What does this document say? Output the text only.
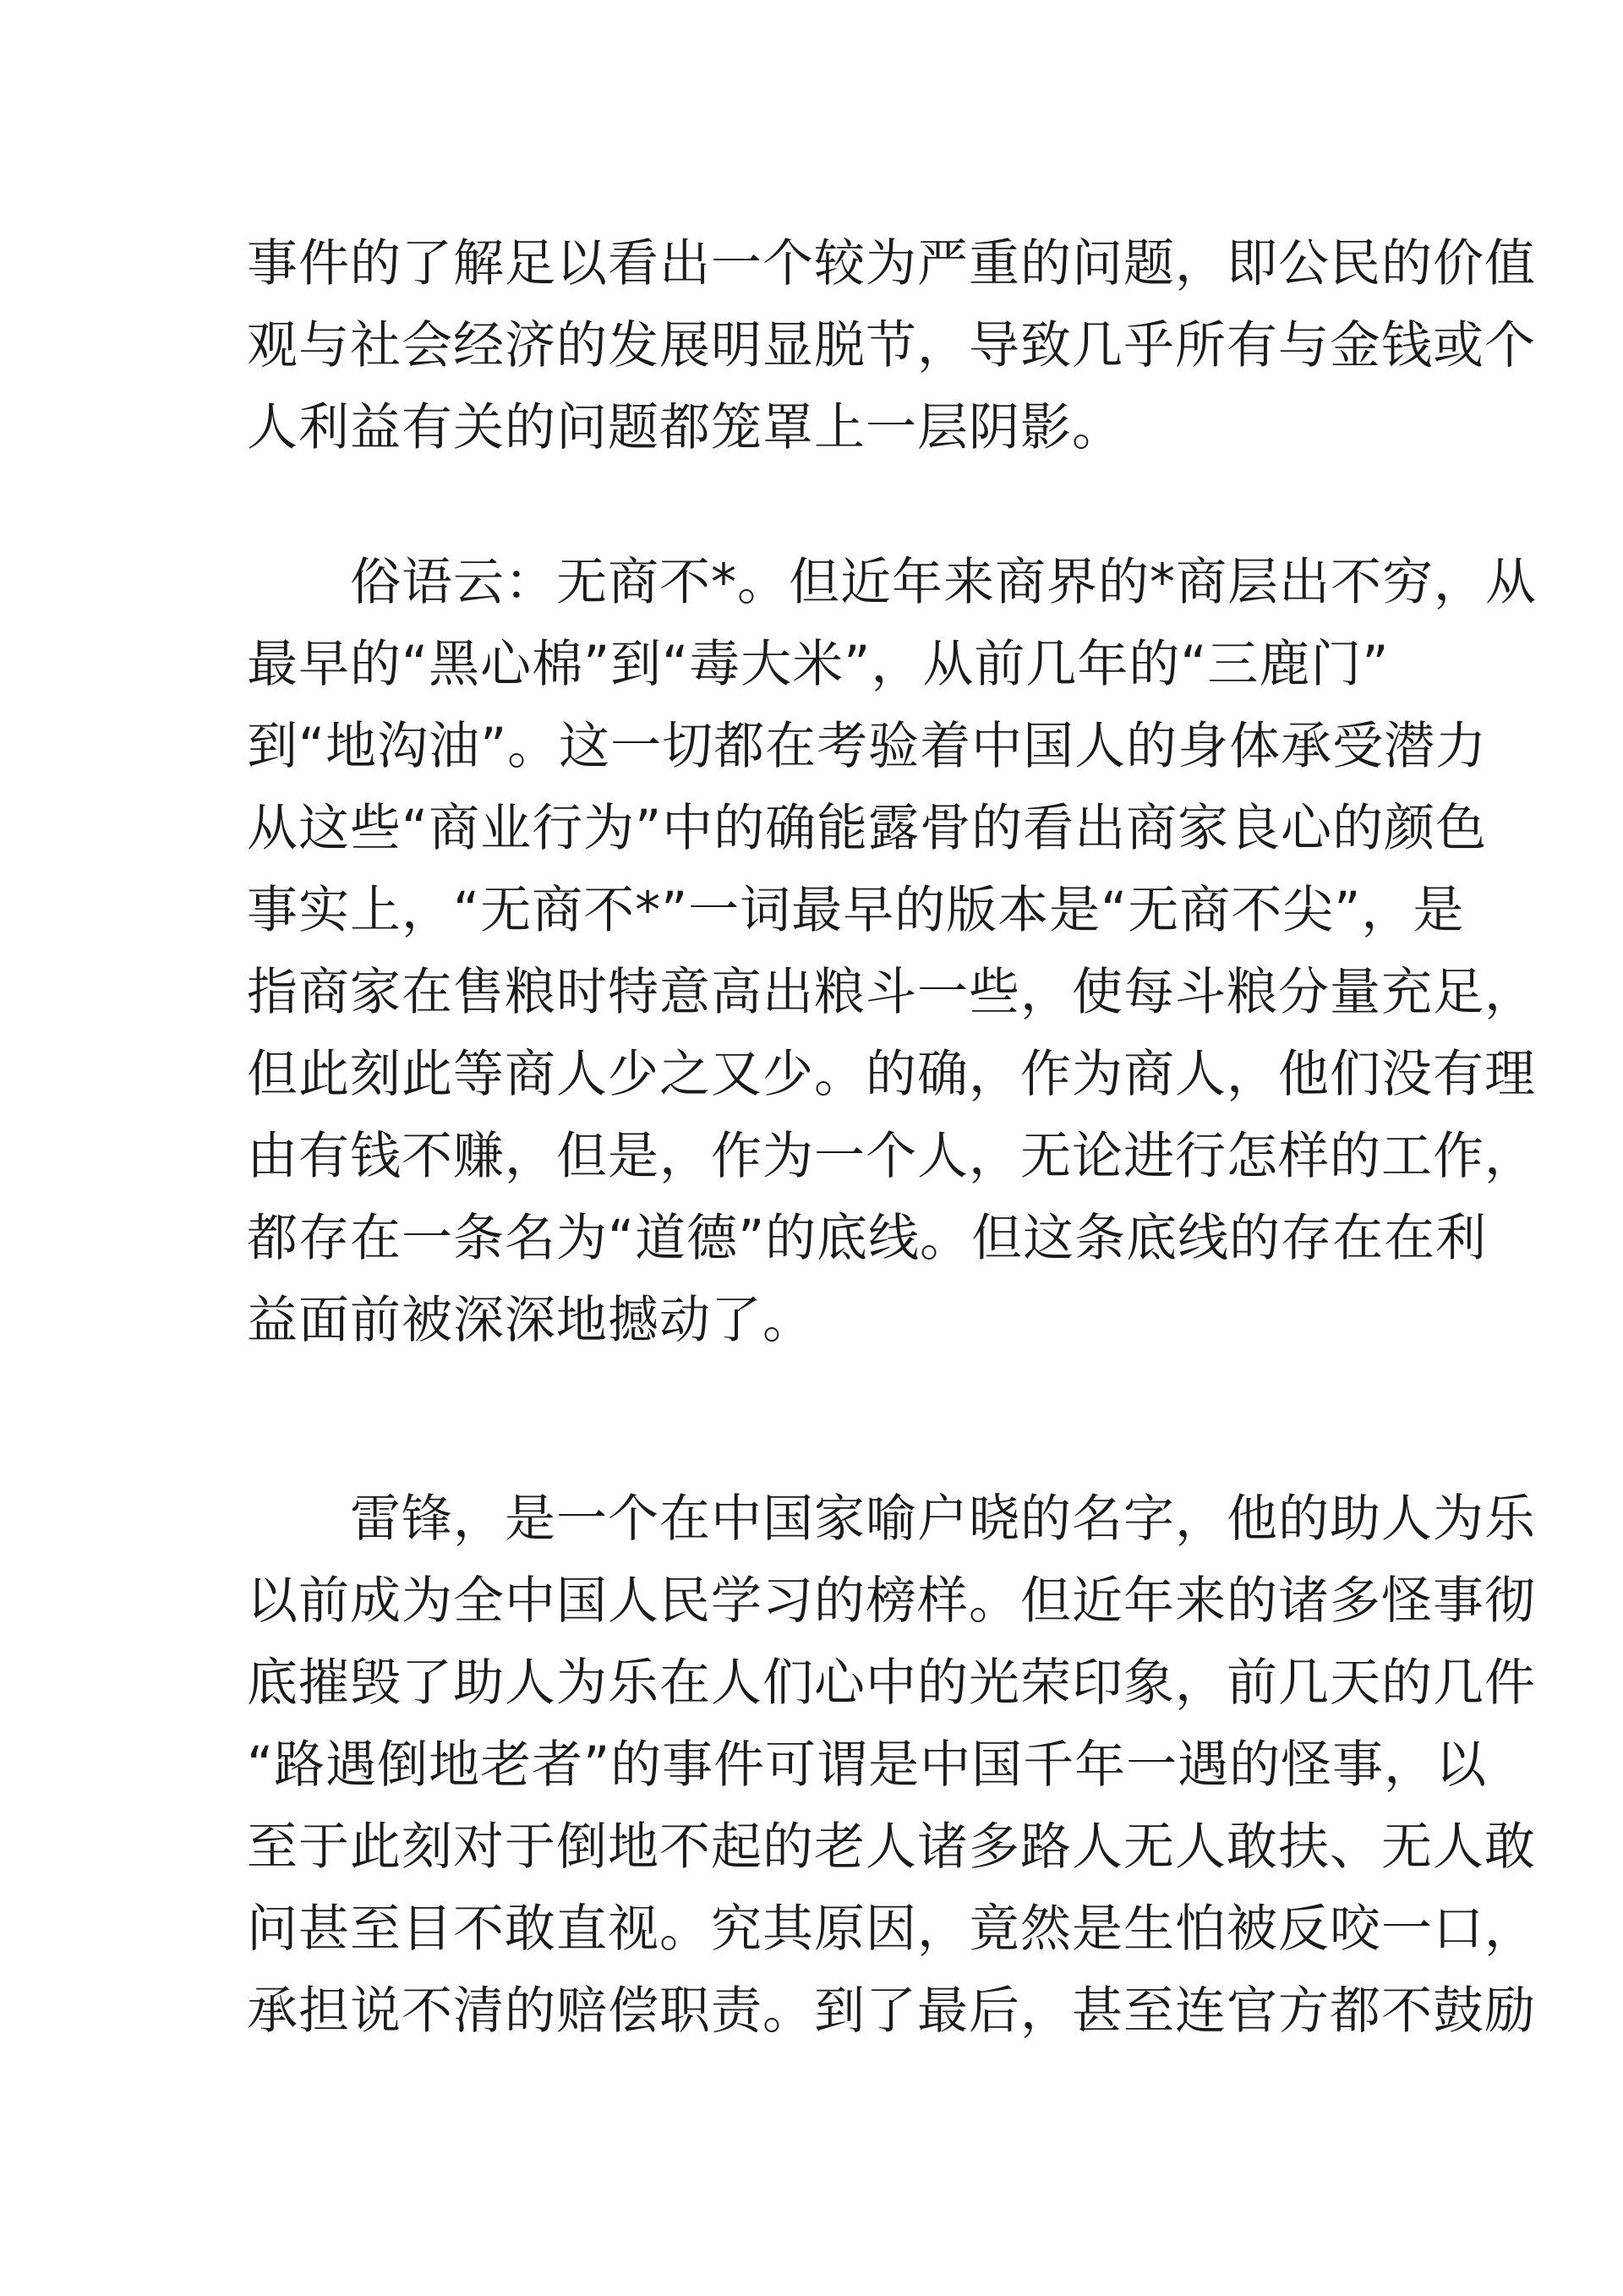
事件的了解足以看出一个较为严重的问题，即公民的价值
观与社会经济的发展明显脱节，导致几乎所有与金钱或个
人利益有关的问题都笼罩上一层阴影。
　　俗语云：无商不*。但近年来商界的*商层出不穷，从
最早的“黑心棉”到“毒大米”，从前几年的“三鹿门”
到“地沟油”。这一切都在考验着中国人的身体承受潜力
从这些“商业行为”中的确能露骨的看出商家良心的颜色
事实上，“无商不*”一词最早的版本是“无商不尖”，是
指商家在售粮时特意高出粮斗一些，使每斗粮分量充足，
但此刻此等商人少之又少。的确，作为商人，他们没有理
由有钱不赚，但是，作为一个人，无论进行怎样的工作，
都存在一条名为“道德”的底线。但这条底线的存在在利
益面前被深深地撼动了。
　　雷锋，是一个在中国家喻户晓的名字，他的助人为乐
以前成为全中国人民学习的榜样。但近年来的诸多怪事彻
底摧毁了助人为乐在人们心中的光荣印象，前几天的几件
“路遇倒地老者”的事件可谓是中国千年一遇的怪事，以
至于此刻对于倒地不起的老人诸多路人无人敢扶、无人敢
问甚至目不敢直视。究其原因，竟然是生怕被反咬一口，
承担说不清的赔偿职责。到了最后，甚至连官方都不鼓励
